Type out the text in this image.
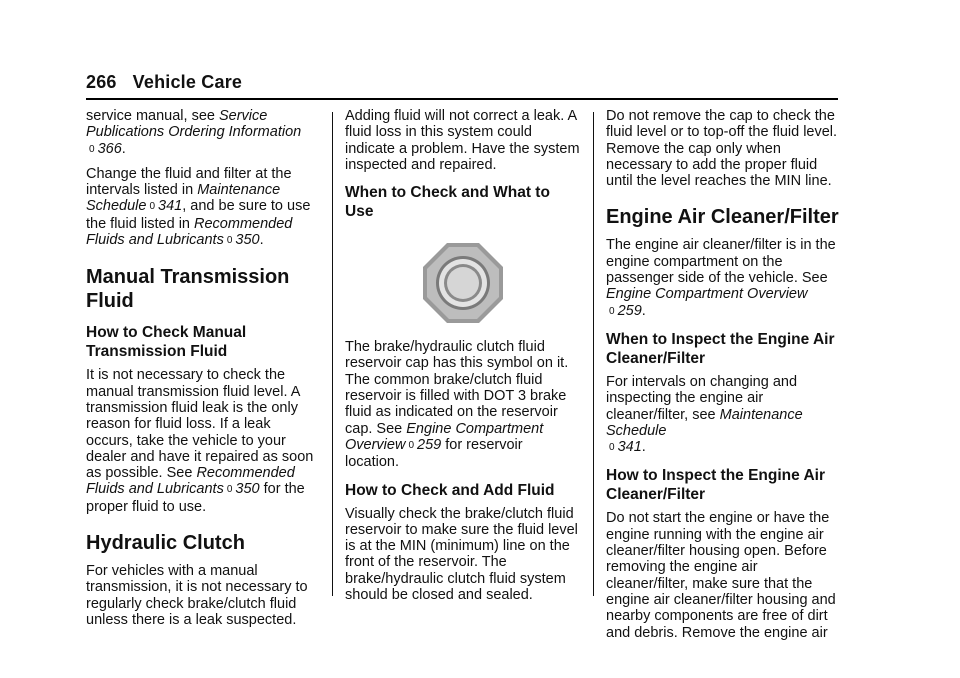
266 Vehicle Care

service manual, see Service Publications Ordering Information
0 366.

Change the fluid and filter at the intervals listed in Maintenance Schedule 0 341, and be sure to use the fluid listed in Recommended Fluids and Lubricants 0 350.

Manual Transmission Fluid
How to Check Manual Transmission Fluid

It is not necessary to check the manual transmission fluid level. A transmission fluid leak is the only reason for fluid loss. If a leak occurs, take the vehicle to your dealer and have it repaired as soon as possible. See Recommended Fluids and Lubricants 0 350 for the proper fluid to use.

Hydraulic Clutch

For vehicles with a manual transmission, it is not necessary to regularly check brake/clutch fluid unless there is a leak suspected.

Adding fluid will not correct a leak. A fluid loss in this system could indicate a problem. Have the system inspected and repaired.

When to Check and What to Use

The brake/hydraulic clutch fluid reservoir cap has this symbol on it. The common brake/clutch fluid reservoir is filled with DOT 3 brake fluid as indicated on the reservoir cap. See Engine Compartment Overview 0 259 for reservoir location.

How to Check and Add Fluid

Visually check the brake/clutch fluid reservoir to make sure the fluid level is at the MIN (minimum) line on the front of the reservoir. The brake/hydraulic clutch fluid system should be closed and sealed.

Do not remove the cap to check the fluid level or to top-off the fluid level. Remove the cap only when necessary to add the proper fluid until the level reaches the MIN line.

Engine Air Cleaner/Filter

The engine air cleaner/filter is in the engine compartment on the passenger side of the vehicle. See Engine Compartment Overview
0 259.

When to Inspect the Engine Air Cleaner/Filter

For intervals on changing and inspecting the engine air cleaner/filter, see Maintenance Schedule
0 341.

How to Inspect the Engine Air Cleaner/Filter

Do not start the engine or have the engine running with the engine air cleaner/filter housing open. Before removing the engine air cleaner/filter, make sure that the engine air cleaner/filter housing and nearby components are free of dirt and debris. Remove the engine air
